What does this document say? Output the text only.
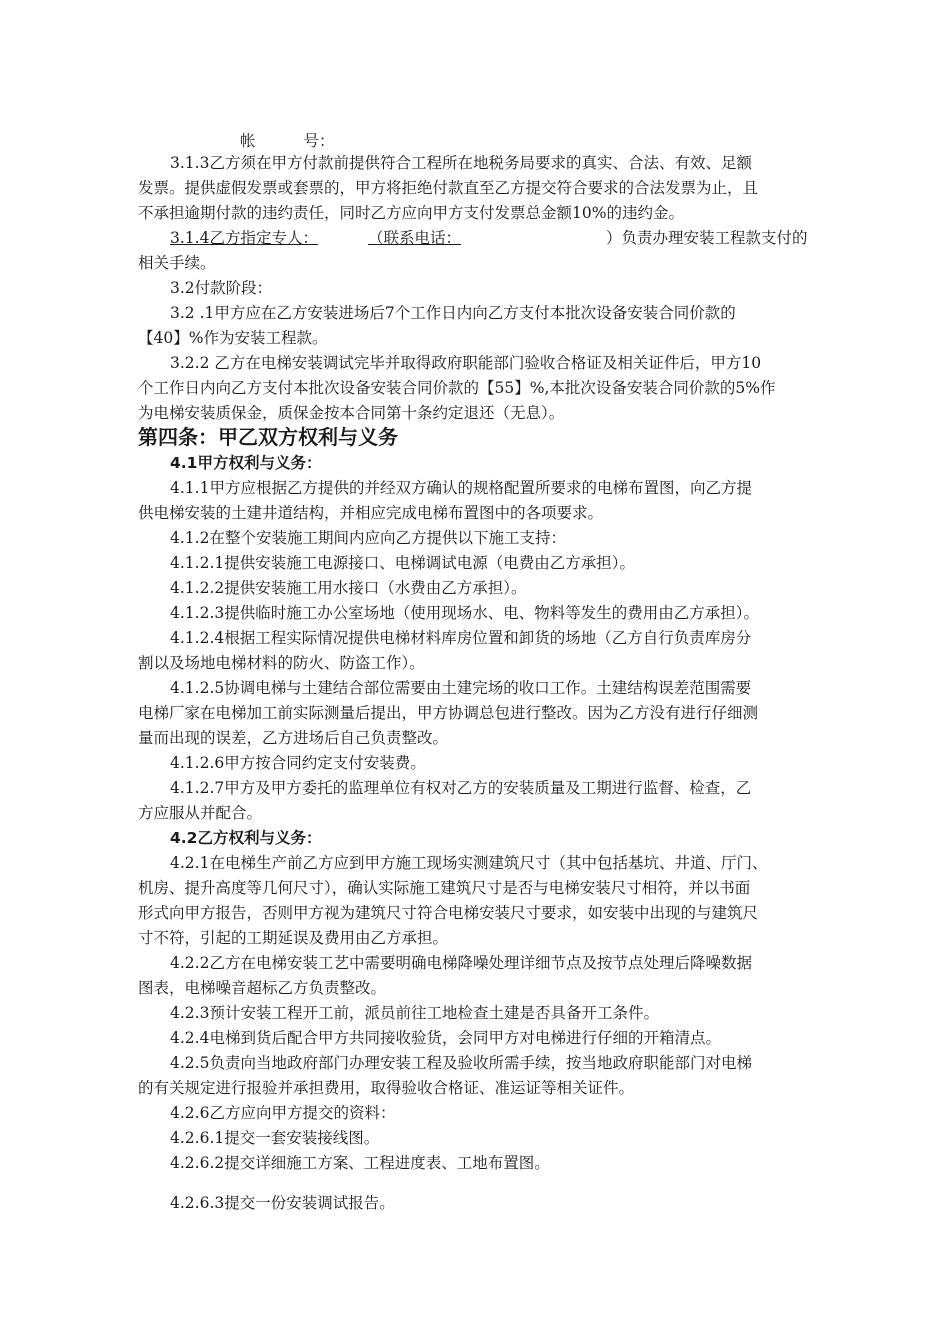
帐	号：
3.1.3乙方须在甲方付款前提供符合工程所在地税务局要求的真实、合法、有效、足额
发票。提供虚假发票或套票的，甲方将拒绝付款直至乙方提交符合要求的合法发票为止，且
不承担逾期付款的违约责任，同时乙方应向甲方支付发票总金额10%的违约金。
3.1.4乙方指定专人：	（联系电话：	）负责办理安装工程款支付的
相关手续。
3.2付款阶段：
3.2 .1甲方应在乙方安装进场后7个工作日内向乙方支付本批次设备安装合同价款的
【40】%作为安装工程款。
3.2.2 乙方在电梯安装调试完毕并取得政府职能部门验收合格证及相关证件后，甲方10
个工作日内向乙方支付本批次设备安装合同价款的【55】%,本批次设备安装合同价款的5%作
为电梯安装质保金，质保金按本合同第十条约定退还（无息）。
第四条：甲乙双方权利与义务
4.1甲方权利与义务：
4.1.1甲方应根据乙方提供的并经双方确认的规格配置所要求的电梯布置图，向乙方提
供电梯安装的土建井道结构，并相应完成电梯布置图中的各项要求。
4.1.2在整个安装施工期间内应向乙方提供以下施工支持：
4.1.2.1提供安装施工电源接口、电梯调试电源（电费由乙方承担）。
4.1.2.2提供安装施工用水接口（水费由乙方承担）。
4.1.2.3提供临时施工办公室场地（使用现场水、电、物料等发生的费用由乙方承担）。
4.1.2.4根据工程实际情况提供电梯材料库房位置和卸货的场地（乙方自行负责库房分
割以及场地电梯材料的防火、防盗工作）。
4.1.2.5协调电梯与土建结合部位需要由土建完场的收口工作。土建结构误差范围需要
电梯厂家在电梯加工前实际测量后提出，甲方协调总包进行整改。因为乙方没有进行仔细测
量而出现的误差，乙方进场后自己负责整改。
4.1.2.6甲方按合同约定支付安装费。
4.1.2.7甲方及甲方委托的监理单位有权对乙方的安装质量及工期进行监督、检查，乙
方应服从并配合。
4.2乙方权利与义务：
4.2.1在电梯生产前乙方应到甲方施工现场实测建筑尺寸（其中包括基坑、井道、厅门、
机房、提升高度等几何尺寸），确认实际施工建筑尺寸是否与电梯安装尺寸相符，并以书面
形式向甲方报告，否则甲方视为建筑尺寸符合电梯安装尺寸要求，如安装中出现的与建筑尺
寸不符，引起的工期延误及费用由乙方承担。
4.2.2乙方在电梯安装工艺中需要明确电梯降噪处理详细节点及按节点处理后降噪数据
图表，电梯噪音超标乙方负责整改。
4.2.3预计安装工程开工前，派员前往工地检查土建是否具备开工条件。
4.2.4电梯到货后配合甲方共同接收验货，会同甲方对电梯进行仔细的开箱清点。
4.2.5负责向当地政府部门办理安装工程及验收所需手续，按当地政府职能部门对电梯
的有关规定进行报验并承担费用，取得验收合格证、准运证等相关证件。
4.2.6乙方应向甲方提交的资料：
4.2.6.1提交一套安装接线图。
4.2.6.2提交详细施工方案、工程进度表、工地布置图。
4.2.6.3提交一份安装调试报告。
